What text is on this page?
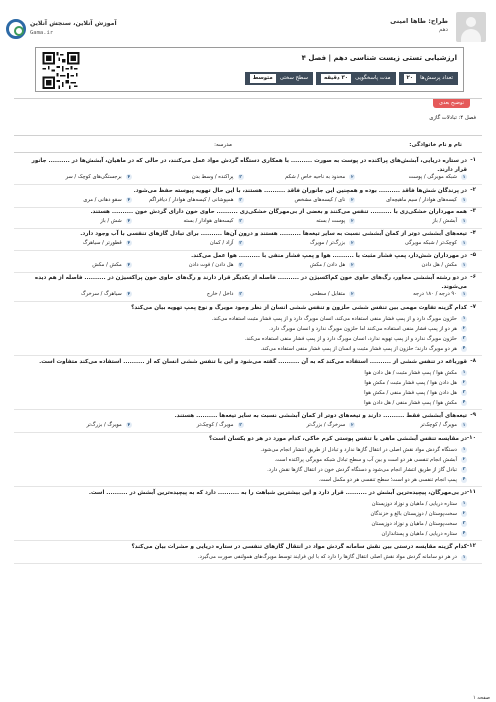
طراح: طاها امینی
دهم
آموزش آنلاین، سنجش آنلاین
Gama.ir
ارزشیابی تستی زیست شناسی دهم | فصل ۴
تعداد پرسش‌ها
۲۰
مدت پاسخگویی
۳۰ دقیقه
سطح سختی
متوسط
توضیح بعدی
فصل ۴: تبادلات گازی
نام و نام خانوادگی:
مدرسه:
صفحه ۱
۱-
در ستاره دریایی، آبشش‌های پراکنده در پوست به صورت .......... با همکاری دستگاه گردش مواد عمل می‌کنند، در حالی که در ماهیان، آبشش‌ها در .......... جانور قرار دارند.
۱
شبکه مویرگی / پوست
۲
محدود به ناحیه خاص / شکم
۳
پراکنده / وسط بدن
۴
برجستگی‌های کوچک / سر
۲-
در پرندگان شش‌ها فاقد .......... بوده و همچنین این جانوران فاقد .......... هستند، با این حال تهویه پیوسته حفظ می‌شود.
۱
کیسه‌های هوادار / سیم ماهیچه‌ای
۲
نای / کیسه‌های مشخص
۳
همپوشانی / کیسه‌های هوادار / دیافراگم
۴
سقو دهانی / مری
۳-
همه مهرداران خشکی‌زی با .......... تنفس می‌کنند و بعضی از بی‌مهرگان خشکی‌زی .......... حاوی خون دارای گردش خون .......... هستند.
۱
آبشش / باز
۲
پوست / بسته
۳
کیسه‌های هوادار / بسته
۴
شش / باز
۴-
تیغه‌های آبششی دوتر از کمان آبششی نسبت به سایر تیغه‌ها .......... هستند و درون آن‌ها .......... برای تبادل گازهای تنفسی با آب وجود دارد.
۱
کوچک‌تر / شبکه مویرگی
۲
بزرگ‌تر / مویرگ
۳
آزاد / کمان
۴
قطورتر / سیاهرگ
۵-
در مهرداران شش‌دار، پمپ فشار مثبت با .......... هوا و پمپ فشار منفی با .......... هوا عمل می‌کند.
۱
مکش / هل دادن
۲
هل دادن / مکش
۳
هل دادن / فوت دادن
۴
مکش / مکش
۶-
در دو رشته آبششی مجاور، رگ‌های حاوی خون کم‌اکسیژن در .......... فاصله از یکدیگر قرار دارند و رگ‌های حاوی خون پراکسیژن در .......... فاصله از هم دیده می‌شوند.
۱
۹۰ درجه / ۱۸۰ درجه
۲
متقابل / سطحی
۳
داخل / خارج
۴
سیاهرگ / سرخرگ
۷-
کدام گزینه تفاوت مهمی بین تنفس ششی حلزون و تنفس ششی انسان از نظر وجود مویرگ و نوع پمپ تهویه بیان می‌کند؟
۱
حلزون مویرگ دارد و از پمپ فشار منفی استفاده می‌کند، انسان مویرگ دارد و از پمپ فشار مثبت استفاده می‌کند.
۲
هر دو از پمپ فشار منفی استفاده می‌کنند اما حلزون مویرگ ندارد و انسان مویرگ دارد.
۳
حلزون مویرگ ندارد و از پمپ تهویه ندارد، انسان مویرگ دارد و از پمپ فشار منفی استفاده می‌کند.
۴
هر دو مویرگ دارند؛ حلزون از پمپ فشار مثبت و انسان از پمپ فشار منفی استفاده می‌کند.
۸-
قورباغه در تنفس ششی از .......... استفاده می‌کند که به آن .......... گفته می‌شود و این با تنفس ششی انسان که از .......... استفاده می‌کند متفاوت است.
۱
مکش هوا / پمپ فشار مثبت / هل دادن هوا
۲
هل دادن هوا / پمپ فشار مثبت / مکش هوا
۳
هل دادن هوا / پمپ فشار منفی / مکش هوا
۴
مکش هوا / پمپ فشار منفی / هل دادن هوا
۹-
تیغه‌های آبششی فقط .......... دارند و تیغه‌های دوتر از کمان آبششی نسبت به سایر تیغه‌ها .......... هستند.
۱
مویرگ / کوچک‌تر
۲
سرخرگ / بزرگ‌تر
۳
مویرگ / کوچک‌تر
۴
مویرگ / بزرگ‌تر
۱۰-
در مقایسه تنفس آبششی ماهی با تنفس پوستی کرم خاکی، کدام مورد در هر دو یکسان است؟
۱
دستگاه گردش مواد نقش اصلی در انتقال گازها ندارد و تبادل از طریق انتشار انجام می‌شود.
۲
آبشش انجام تنفسی هر دو است و بین آب و سطح تبادل شبکه مویرگی پراکنده است.
۳
تبادل گاز از طریق انتشار انجام می‌شود و دستگاه گردش خون در انتقال گازها نقش دارد.
۴
پمپ انجام تنفسی هر دو است؛ سطح تنفسی هر دو مکمل است.
۱۱-
در بی‌مهرگان، پیچیده‌ترین آبشش در .......... قرار دارد و این بیشترین شباهت را به .......... دارد که به پیچیده‌ترین آبشش در .......... است.
۱
ستاره دریایی / ماهیان و نوزاد دوزیستان
۲
سخت‌پوستان / دوزیستان بالغ و خزندگان
۳
سخت‌پوستان / ماهیان و نوزاد دوزیستان
۴
ستاره دریایی / ماهیان و پستانداران
۱۲-
کدام گزینه مقایسه درستی بین نقش سامانه گردش مواد در انتقال گازهای تنفسی در ستاره دریایی و حشرات بیان می‌کند؟
۱
در هر دو سامانه گردش مواد نقش اصلی انتقال گازها را دارد که با این فرایند توسط مویرگ‌های همولنفی صورت می‌گیرد.
